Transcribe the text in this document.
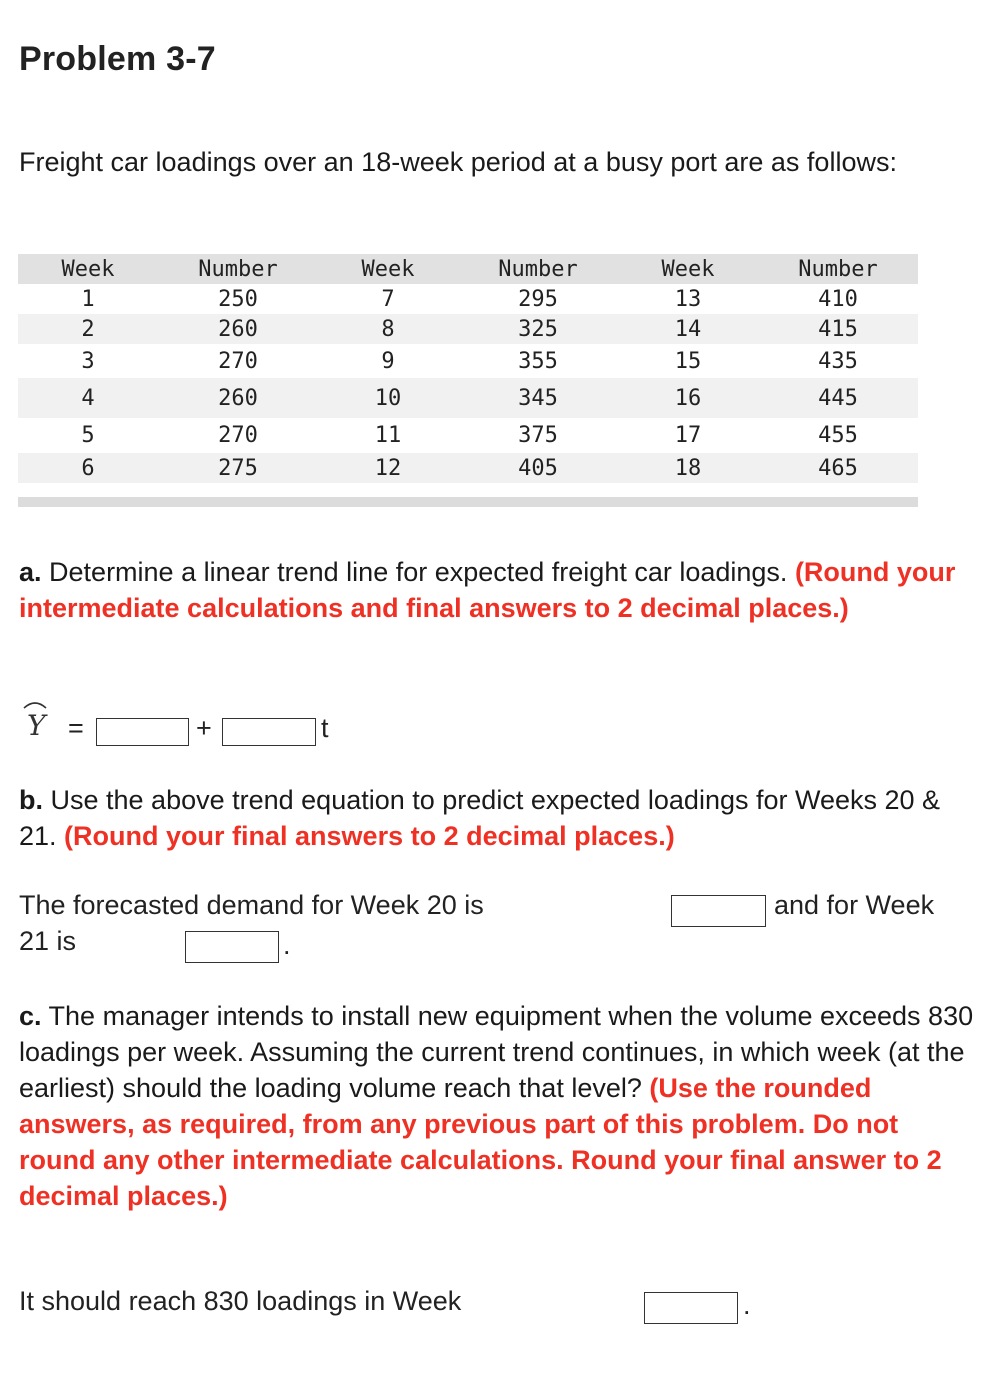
Problem 3-7
Freight car loadings over an 18-week period at a busy port are as follows:
Week	Number	Week	Number	Week	Number
1	250	7	295	13	410
2	260	8	325	14	415
3	270	9	355	15	435
4	260	10	345	16	445
5	270	11	375	17	455
6	275	12	405	18	465
a. Determine a linear trend line for expected freight car loadings. (Round your intermediate calculations and final answers to 2 decimal places.)
Y =	+	t
b. Use the above trend equation to predict expected loadings for Weeks 20 & 21. (Round your final answers to 2 decimal places.)
The forecasted demand for Week 20 is	and for Week
21 is	.
c. The manager intends to install new equipment when the volume exceeds 830 loadings per week. Assuming the current trend continues, in which week (at the earliest) should the loading volume reach that level? (Use the rounded answers, as required, from any previous part of this problem. Do not round any other intermediate calculations. Round your final answer to 2 decimal places.)
It should reach 830 loadings in Week	.
